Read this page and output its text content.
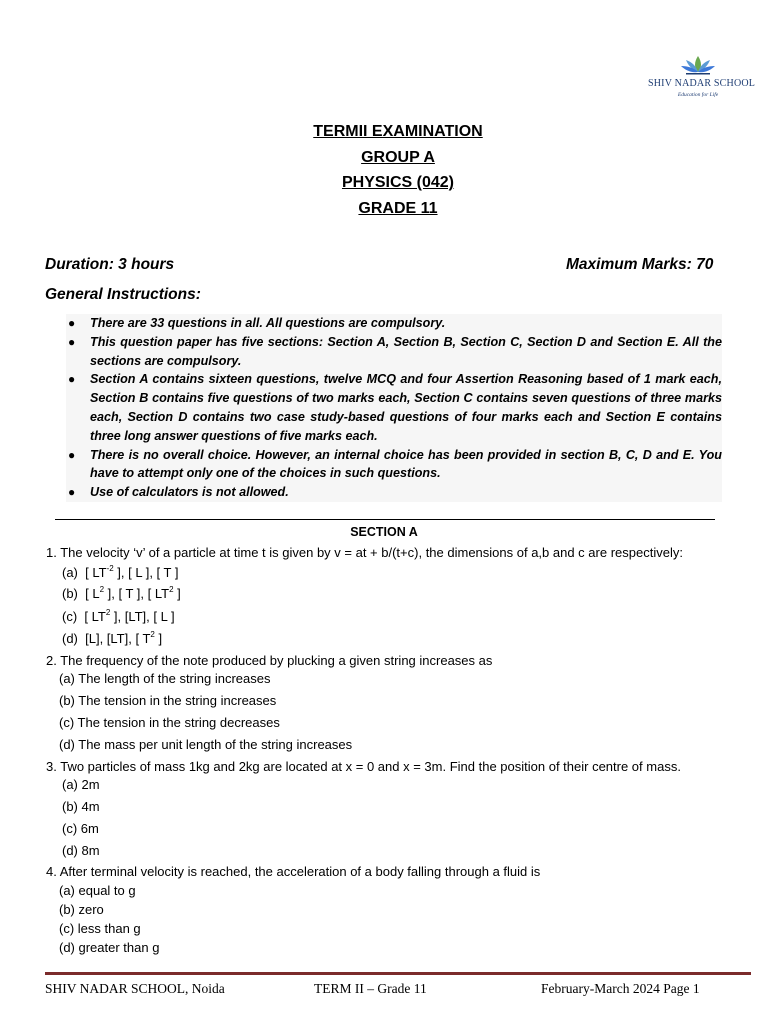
SHIV NADAR SCHOOL
Education for Life
TERMII EXAMINATION
GROUP A
PHYSICS (042)
GRADE 11
Duration: 3 hours	Maximum Marks: 70
General Instructions:
● There are 33 questions in all. All questions are compulsory.
● This question paper has five sections: Section A, Section B, Section C, Section D and Section E. All the sections are compulsory.
● Section A contains sixteen questions, twelve MCQ and four Assertion Reasoning based of 1 mark each, Section B contains five questions of two marks each, Section C contains seven questions of three marks each, Section D contains two case study-based questions of four marks each and Section E contains three long answer questions of five marks each.
● There is no overall choice. However, an internal choice has been provided in section B, C, D and E. You have to attempt only one of the choices in such questions.
● Use of calculators is not allowed.
SECTION A
1. The velocity ‘v’ of a particle at time t is given by v = at + b/(t+c), the dimensions of a,b and c are respectively:
(a) [ $LT^{-2}$ ], [ L ], [ T ]
(b) [ $L^2$ ], [ T ], [ $LT^2$ ]
(c) [ $LT^2$ ], [LT], [ L ]
(d) [L], [LT], [ $T^2$ ]
2. The frequency of the note produced by plucking a given string increases as
(a) The length of the string increases
(b) The tension in the string increases
(c) The tension in the string decreases
(d) The mass per unit length of the string increases
3. Two particles of mass 1kg and 2kg are located at x = 0 and x = 3m. Find the position of their centre of mass.
(a) 2m
(b) 4m
(c) 6m
(d) 8m
4. After terminal velocity is reached, the acceleration of a body falling through a fluid is
(a) equal to g
(b) zero
(c) less than g
(d) greater than g
SHIV NADAR SCHOOL, Noida	TERM II – Grade 11	February-March 2024 Page 1
